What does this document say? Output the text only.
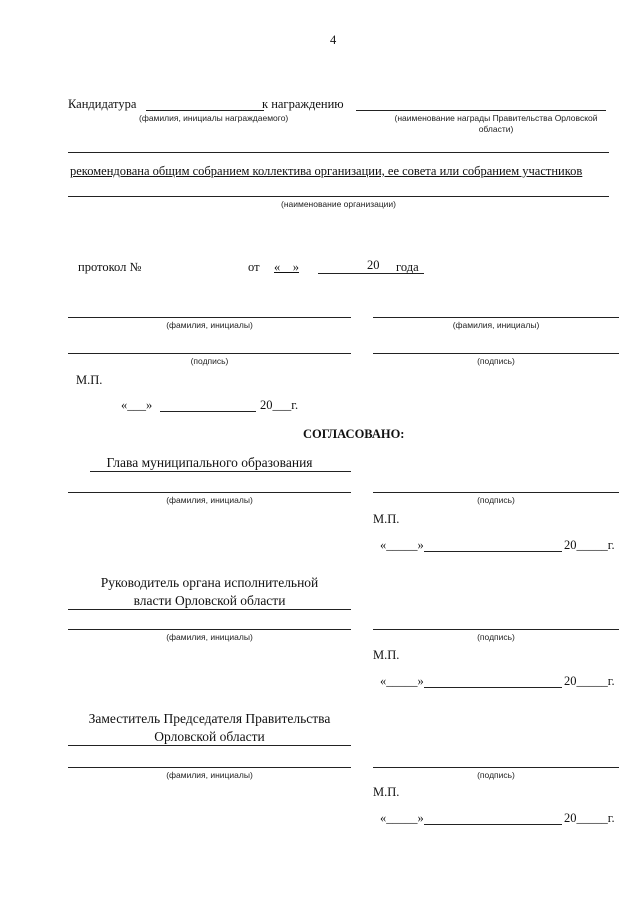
4
Кандидатура	к награждению
(фамилия, инициалы награждаемого)	(наименование награды Правительства Орловской
области)
рекомендована общим собранием коллектива организации, ее совета или собранием участников
(наименование организации)
протокол №	от «    »	20 года
(фамилия, инициалы)	(фамилия, инициалы)
(подпись)	(подпись)
М.П.
«___»	20___г.
СОГЛАСОВАНО:
Глава муниципального образования
(фамилия, инициалы)	(подпись)
М.П.
«_____»	20_____г.
Руководитель органа исполнительной
власти Орловской области
(фамилия, инициалы)	(подпись)
М.П.
«_____»	20_____г.
Заместитель Председателя Правительства
Орловской области
(фамилия, инициалы)	(подпись)
М.П.
«_____»	20_____г.
